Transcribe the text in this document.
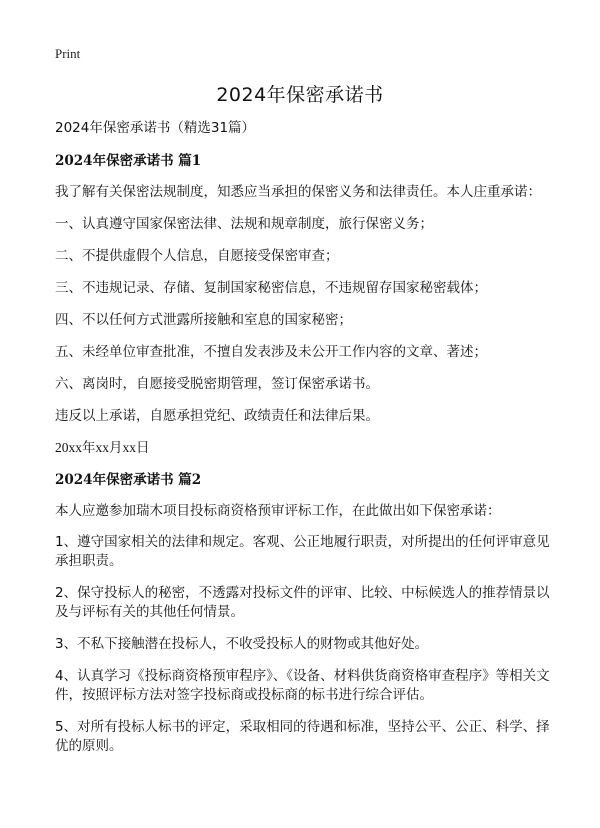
Print
2024年保密承诺书
2024年保密承诺书（精选31篇）
2024年保密承诺书 篇1
我了解有关保密法规制度，知悉应当承担的保密义务和法律责任。本人庄重承诺：
一、认真遵守国家保密法律、法规和规章制度，旅行保密义务；
二、不提供虚假个人信息，自愿接受保密审查；
三、不违规记录、存储、复制国家秘密信息，不违规留存国家秘密载体；
四、不以任何方式泄露所接触和室息的国家秘密；
五、未经单位审查批准，不擅自发表涉及未公开工作内容的文章、著述；
六、离岗时，自愿接受脱密期管理，签订保密承诺书。
违反以上承诺，自愿承担党纪、政绩责任和法律后果。
20xx年xx月xx日
2024年保密承诺书 篇2
本人应邀参加瑞木项目投标商资格预审评标工作，在此做出如下保密承诺：
1、遵守国家相关的法律和规定。客观、公正地履行职责，对所提出的任何评审意见承担职责。
2、保守投标人的秘密，不透露对投标文件的评审、比较、中标候选人的推荐情景以及与评标有关的其他任何情景。
3、不私下接触潜在投标人，不收受投标人的财物或其他好处。
4、认真学习《投标商资格预审程序》、《设备、材料供货商资格审查程序》等相关文件，按照评标方法对签字投标商或投标商的标书进行综合评估。
5、对所有投标人标书的评定，采取相同的待遇和标准，坚持公平、公正、科学、择优的原则。
